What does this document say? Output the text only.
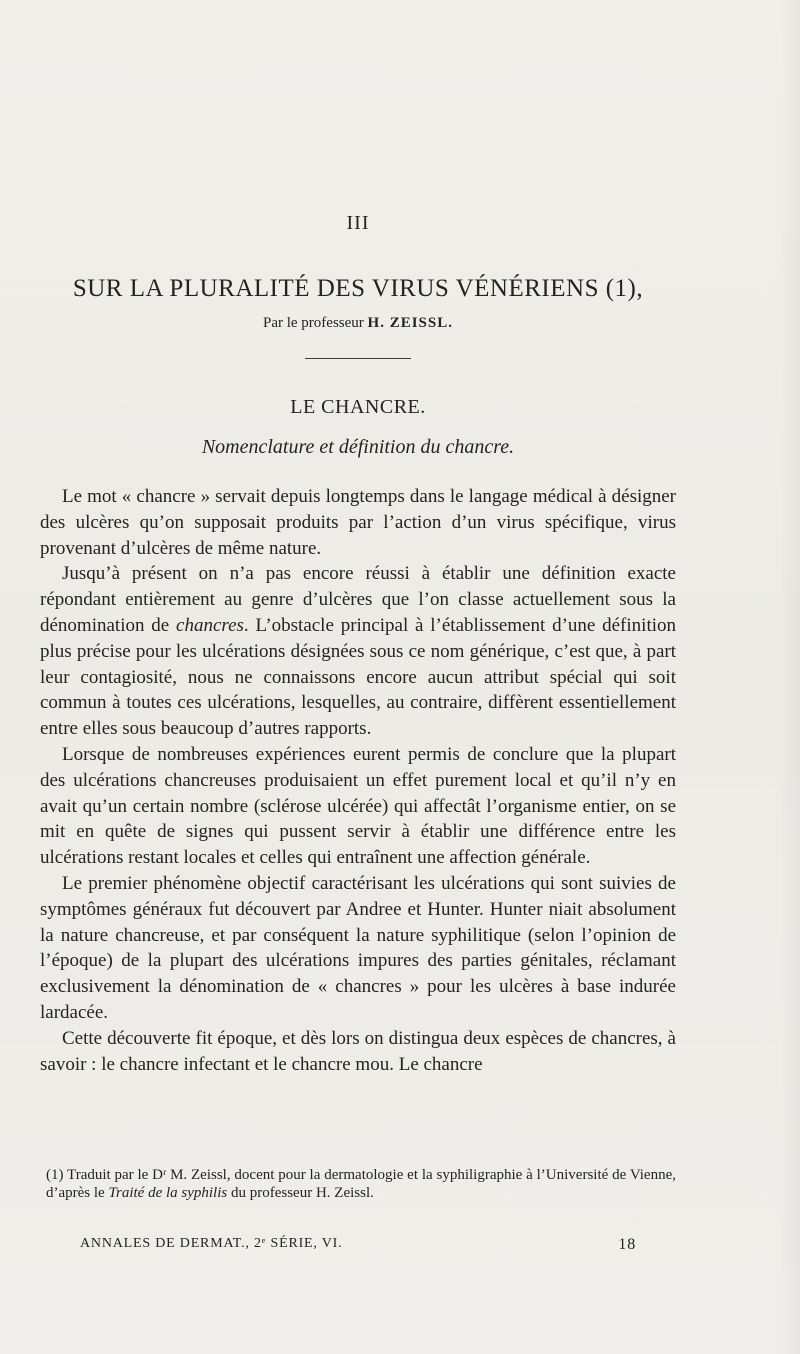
III
SUR LA PLURALITÉ DES VIRUS VÉNÉRIENS (1),
Par le professeur H. ZEISSL.
LE CHANCRE.
Nomenclature et définition du chancre.

Le mot « chancre » servait depuis longtemps dans le langage médical à désigner des ulcères qu’on supposait produits par l’action d’un virus spécifique, virus provenant d’ulcères de même nature.

Jusqu’à présent on n’a pas encore réussi à établir une définition exacte répondant entièrement au genre d’ulcères que l’on classe actuellement sous la dénomination de chancres. L’obstacle principal à l’établissement d’une définition plus précise pour les ulcérations désignées sous ce nom générique, c’est que, à part leur contagiosité, nous ne connaissons encore aucun attribut spécial qui soit commun à toutes ces ulcérations, lesquelles, au contraire, diffèrent essentiellement entre elles sous beaucoup d’autres rapports.

Lorsque de nombreuses expériences eurent permis de conclure que la plupart des ulcérations chancreuses produisaient un effet purement local et qu’il n’y en avait qu’un certain nombre (sclérose ulcérée) qui affectât l’organisme entier, on se mit en quête de signes qui pussent servir à établir une différence entre les ulcérations restant locales et celles qui entraînent une affection générale.

Le premier phénomène objectif caractérisant les ulcérations qui sont suivies de symptômes généraux fut découvert par Andree et Hunter. Hunter niait absolument la nature chancreuse, et par conséquent la nature syphilitique (selon l’opinion de l’époque) de la plupart des ulcérations impures des parties génitales, réclamant exclusivement la dénomination de « chancres » pour les ulcères à base indurée lardacée.

Cette découverte fit époque, et dès lors on distingua deux espèces de chancres, à savoir : le chancre infectant et le chancre mou. Le chancre

(1) Traduit par le Dʳ M. Zeissl, docent pour la dermatologie et la syphiligraphie à l’Université de Vienne, d’après le Traité de la syphilis du professeur H. Zeissl.
ANNALES DE DERMAT., 2ᵉ SÉRIE, VI.	18
